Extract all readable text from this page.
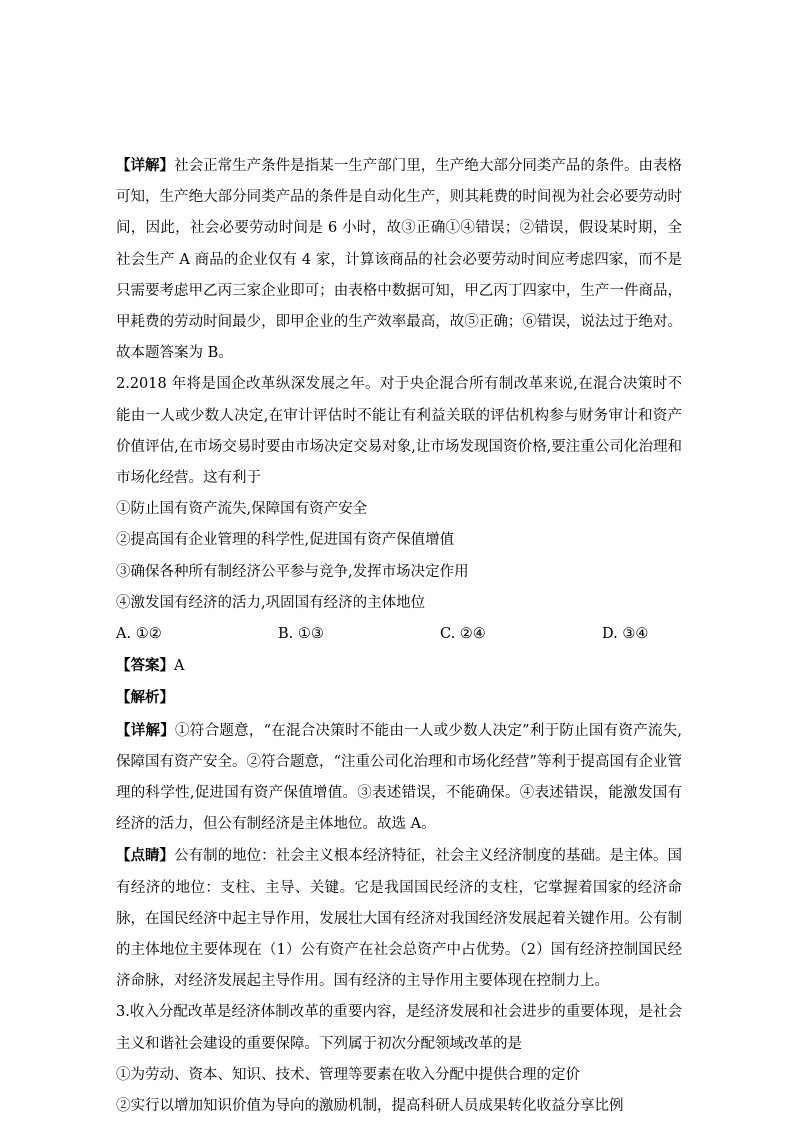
【详解】社会正常生产条件是指某一生产部门里，生产绝大部分同类产品的条件。由表格可知，生产绝大部分同类产品的条件是自动化生产，则其耗费的时间视为社会必要劳动时间，因此，社会必要劳动时间是 6 小时，故③正确①④错误；②错误，假设某时期，全社会生产 A 商品的企业仅有 4 家，计算该商品的社会必要劳动时间应考虑四家，而不是只需要考虑甲乙丙三家企业即可；由表格中数据可知，甲乙丙丁四家中，生产一件商品，甲耗费的劳动时间最少，即甲企业的生产效率最高，故⑤正确；⑥错误，说法过于绝对。故本题答案为 B。

2.2018 年将是国企改革纵深发展之年。对于央企混合所有制改革来说,在混合决策时不能由一人或少数人决定,在审计评估时不能让有利益关联的评估机构参与财务审计和资产价值评估,在市场交易时要由市场决定交易对象,让市场发现国资价格,要注重公司化治理和市场化经营。这有利于

①防止国有资产流失,保障国有资产安全

②提高国有企业管理的科学性,促进国有资产保值增值

③确保各种所有制经济公平参与竞争,发挥市场决定作用

④激发国有经济的活力,巩固国有经济的主体地位

A. ①②	B. ①③	C. ②④	D. ③④

【答案】A

【解析】

【详解】①符合题意，“在混合决策时不能由一人或少数人决定”利于防止国有资产流失,保障国有资产安全。②符合题意，“注重公司化治理和市场化经营”等利于提高国有企业管理的科学性,促进国有资产保值增值。③表述错误，不能确保。④表述错误，能激发国有经济的活力，但公有制经济是主体地位。故选 A。

【点睛】公有制的地位：社会主义根本经济特征，社会主义经济制度的基础。是主体。国有经济的地位：支柱、主导、关键。它是我国国民经济的支柱，它掌握着国家的经济命脉，在国民经济中起主导作用，发展壮大国有经济对我国经济发展起着关键作用。公有制的主体地位主要体现在（1）公有资产在社会总资产中占优势。（2）国有经济控制国民经济命脉，对经济发展起主导作用。国有经济的主导作用主要体现在控制力上。

3.收入分配改革是经济体制改革的重要内容，是经济发展和社会进步的重要体现，是社会主义和谐社会建设的重要保障。下列属于初次分配领域改革的是

①为劳动、资本、知识、技术、管理等要素在收入分配中提供合理的定价

②实行以增加知识价值为导向的激励机制，提高科研人员成果转化收益分享比例
